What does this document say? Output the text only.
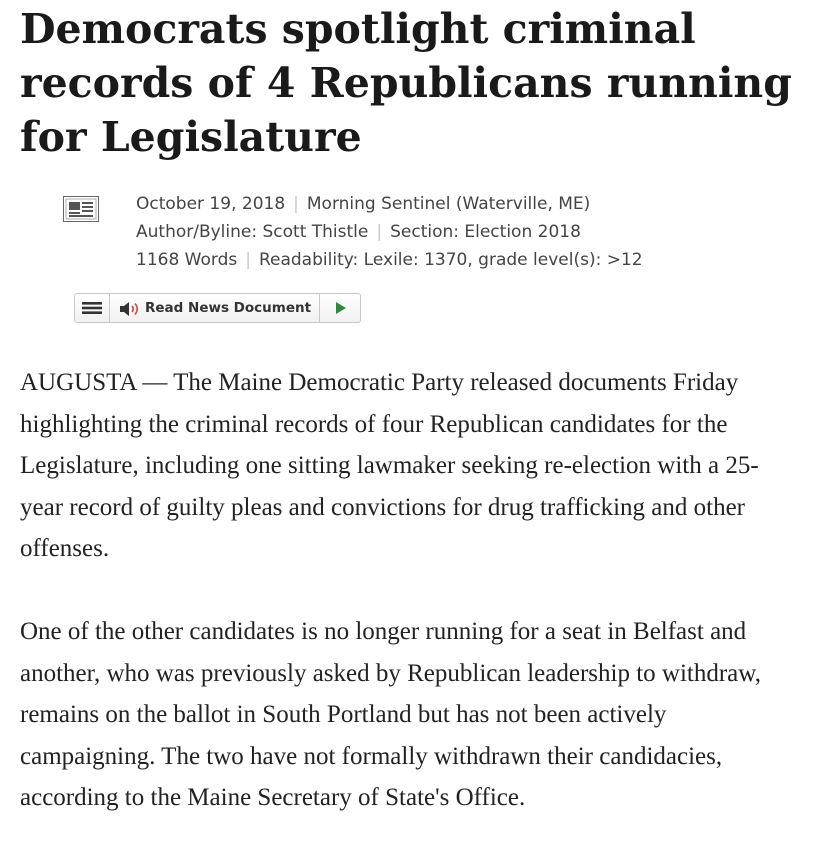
Democrats spotlight criminal records of 4 Republicans running for Legislature
October 19, 2018 | Morning Sentinel (Waterville, ME)
Author/Byline: Scott Thistle | Section: Election 2018
1168 Words | Readability: Lexile: 1370, grade level(s): >12
Read News Document

AUGUSTA — The Maine Democratic Party released documents Friday highlighting the criminal records of four Republican candidates for the Legislature, including one sitting lawmaker seeking re-election with a 25-year record of guilty pleas and convictions for drug trafficking and other offenses.

One of the other candidates is no longer running for a seat in Belfast and another, who was previously asked by Republican leadership to withdraw, remains on the ballot in South Portland but has not been actively campaigning. The two have not formally withdrawn their candidacies, according to the Maine Secretary of State's Office.
